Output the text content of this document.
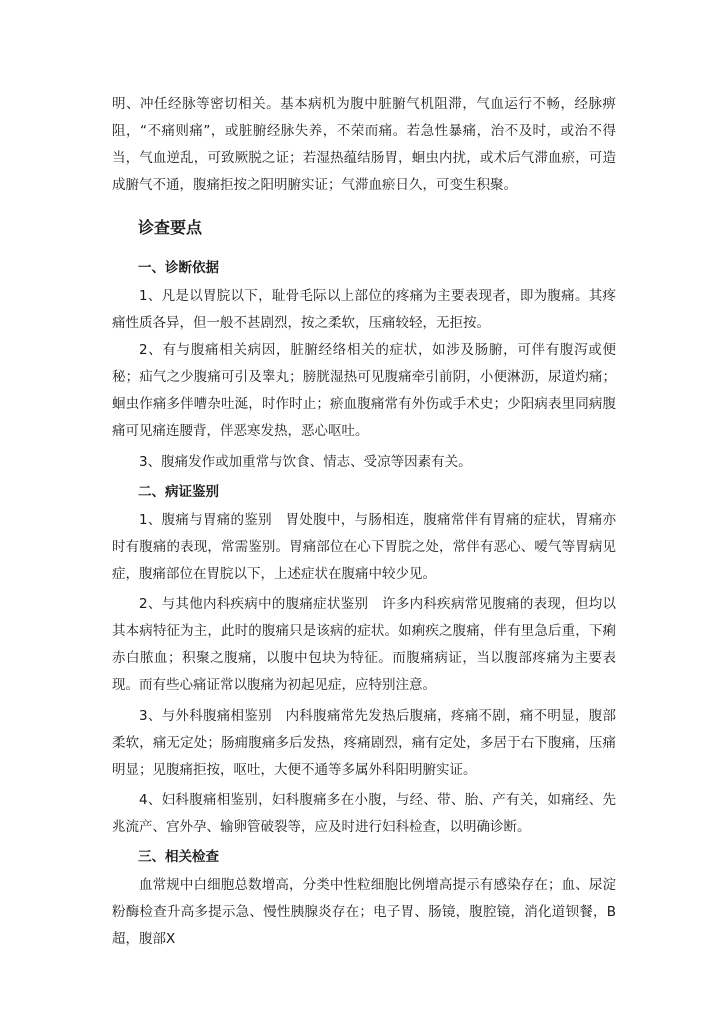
明、冲任经脉等密切相关。基本病机为腹中脏腑气机阻滞，气血运行不畅，经脉痹阻，“不痛则痛”，或脏腑经脉失养，不荣而痛。若急性暴痛，治不及时，或治不得当，气血逆乱，可致厥脱之证；若湿热蕴结肠胃，蛔虫内扰，或术后气滞血瘀，可造成腑气不通，腹痛拒按之阳明腑实证；气滞血瘀日久，可变生积聚。

诊查要点
一、诊断依据

1、凡是以胃脘以下，耻骨毛际以上部位的疼痛为主要表现者，即为腹痛。其疼痛性质各异，但一般不甚剧烈，按之柔软，压痛较轻，无拒按。

2、有与腹痛相关病因，脏腑经络相关的症状，如涉及肠腑，可伴有腹泻或便秘；疝气之少腹痛可引及睾丸；膀胱湿热可见腹痛牵引前阴，小便淋沥，尿道灼痛；蛔虫作痛多伴嘈杂吐涎，时作时止；瘀血腹痛常有外伤或手术史；少阳病表里同病腹痛可见痛连腰背，伴恶寒发热，恶心呕吐。

3、腹痛发作或加重常与饮食、情志、受凉等因素有关。

二、病证鉴别

1、腹痛与胃痛的鉴别　胃处腹中，与肠相连，腹痛常伴有胃痛的症状，胃痛亦时有腹痛的表现，常需鉴别。胃痛部位在心下胃脘之处，常伴有恶心、嗳气等胃病见症，腹痛部位在胃脘以下，上述症状在腹痛中较少见。

2、与其他内科疾病中的腹痛症状鉴别　许多内科疾病常见腹痛的表现，但均以其本病特征为主，此时的腹痛只是该病的症状。如痢疾之腹痛，伴有里急后重，下痢赤白脓血；积聚之腹痛，以腹中包块为特征。而腹痛病证，当以腹部疼痛为主要表现。而有些心痛证常以腹痛为初起见症，应特别注意。

3、与外科腹痛相鉴别　内科腹痛常先发热后腹痛，疼痛不剧，痛不明显，腹部柔软，痛无定处；肠痈腹痛多后发热，疼痛剧烈，痛有定处，多居于右下腹痛，压痛明显；见腹痛拒按，呕吐，大便不通等多属外科阳明腑实证。

4、妇科腹痛相鉴别，妇科腹痛多在小腹，与经、带、胎、产有关，如痛经、先兆流产、宫外孕、输卵管破裂等，应及时进行妇科检查，以明确诊断。

三、相关检查

血常规中白细胞总数增高，分类中性粒细胞比例增高提示有感染存在；血、尿淀粉酶检查升高多提示急、慢性胰腺炎存在；电子胃、肠镜，腹腔镜，消化道钡餐，B超，腹部X
